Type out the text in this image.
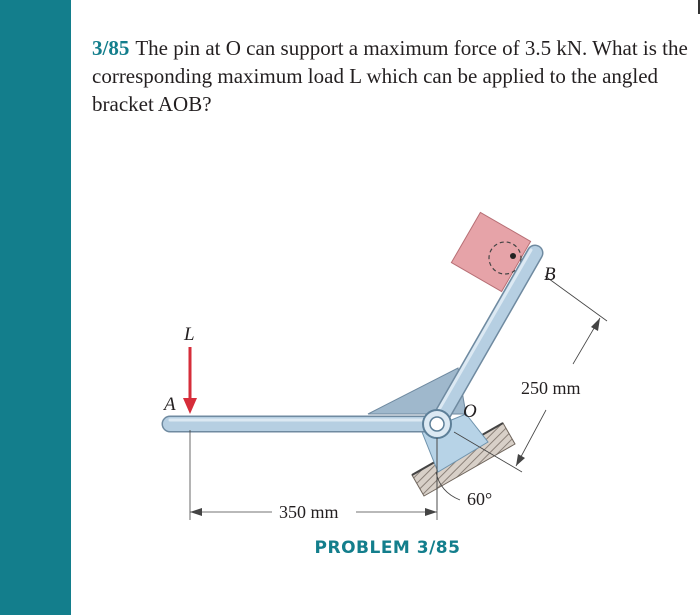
3/85 The pin at O can support a maximum force of 3.5 kN. What is the corresponding maximum load L which can be applied to the angled bracket AOB?
L
A	O
B
350 mm
250 mm
60°
PROBLEM 3/85
